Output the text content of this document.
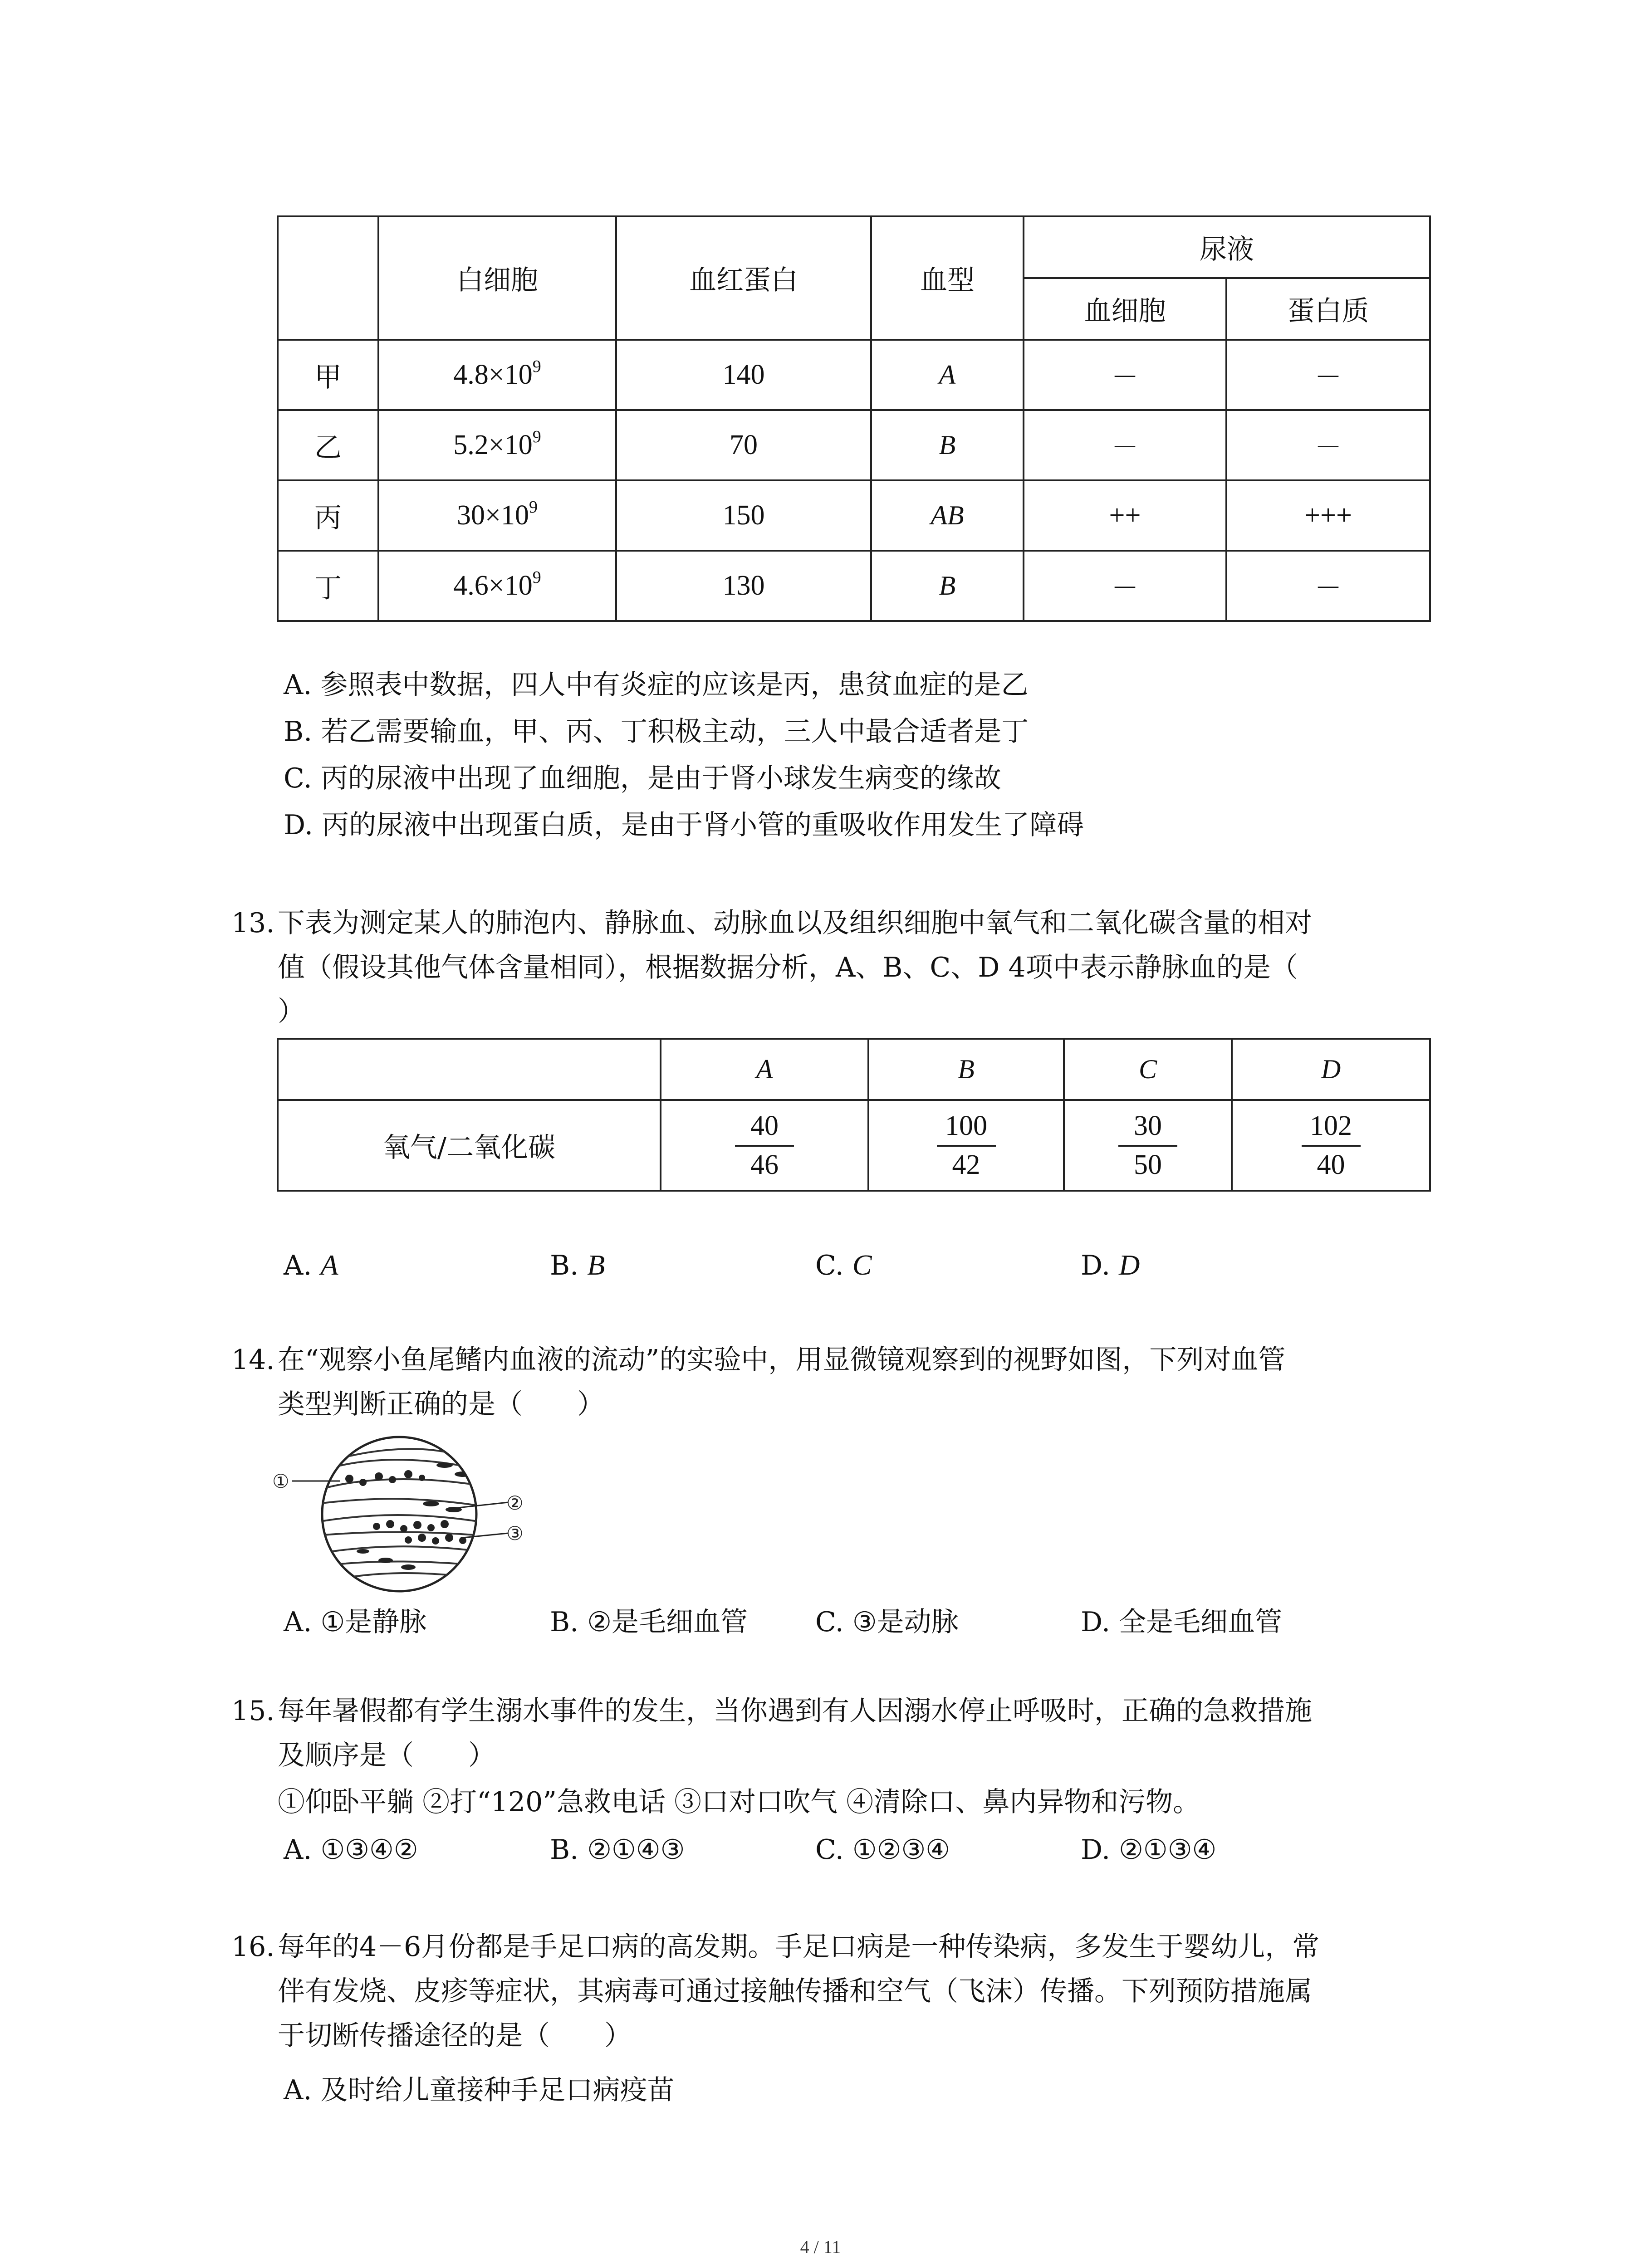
	白细胞	血红蛋白	血型	尿液	
				血细胞	蛋白质
甲	$4.8\times 10^9$	140	A	－	－
乙	$5.2\times 10^9$	70	B	－	－
丙	$30\times 10^9$	150	AB	++	+++
丁	$4.6\times 10^9$	130	B	－	－
A. 参照表中数据，四人中有炎症的应该是丙，患贫血症的是乙
B. 若乙需要输血，甲、丙、丁积极主动，三人中最合适者是丁
C. 丙的尿液中出现了血细胞，是由于肾小球发生病变的缘故
D. 丙的尿液中出现蛋白质，是由于肾小管的重吸收作用发生了障碍
13. 下表为测定某人的肺泡内、静脉血、动脉血以及组织细胞中氧气和二氧化碳含量的相对
值（假设其他气体含量相同），根据数据分析，A、B、C、D 4项中表示静脉血的是（
）
	A	B	C	D
氧气/二氧化碳	$\frac{40}{46}$	$\frac{100}{42}$	$\frac{30}{50}$	$\frac{102}{40}$
A. A	B. B	C. C	D. D
14. 在“观察小鱼尾鳍内血液的流动”的实验中，用显微镜观察到的视野如图，下列对血管
类型判断正确的是（　　）
①
②
③
A. ①是静脉	B. ②是毛细血管 C. ③是动脉	D. 全是毛细血管
15. 每年暑假都有学生溺水事件的发生，当你遇到有人因溺水停止呼吸时，正确的急救措施
及顺序是（　　）
①仰卧平躺 ②打“120”急救电话 ③口对口吹气 ④清除口、鼻内异物和污物。
A. ①③④②	B. ②①④③	C. ①②③④	D. ②①③④
16. 每年的4－6月份都是手足口病的高发期。手足口病是一种传染病，多发生于婴幼儿，常
伴有发烧、皮疹等症状，其病毒可通过接触传播和空气（飞沫）传播。下列预防措施属
于切断传播途径的是（　　）
A. 及时给儿童接种手足口病疫苗
4 / 11
